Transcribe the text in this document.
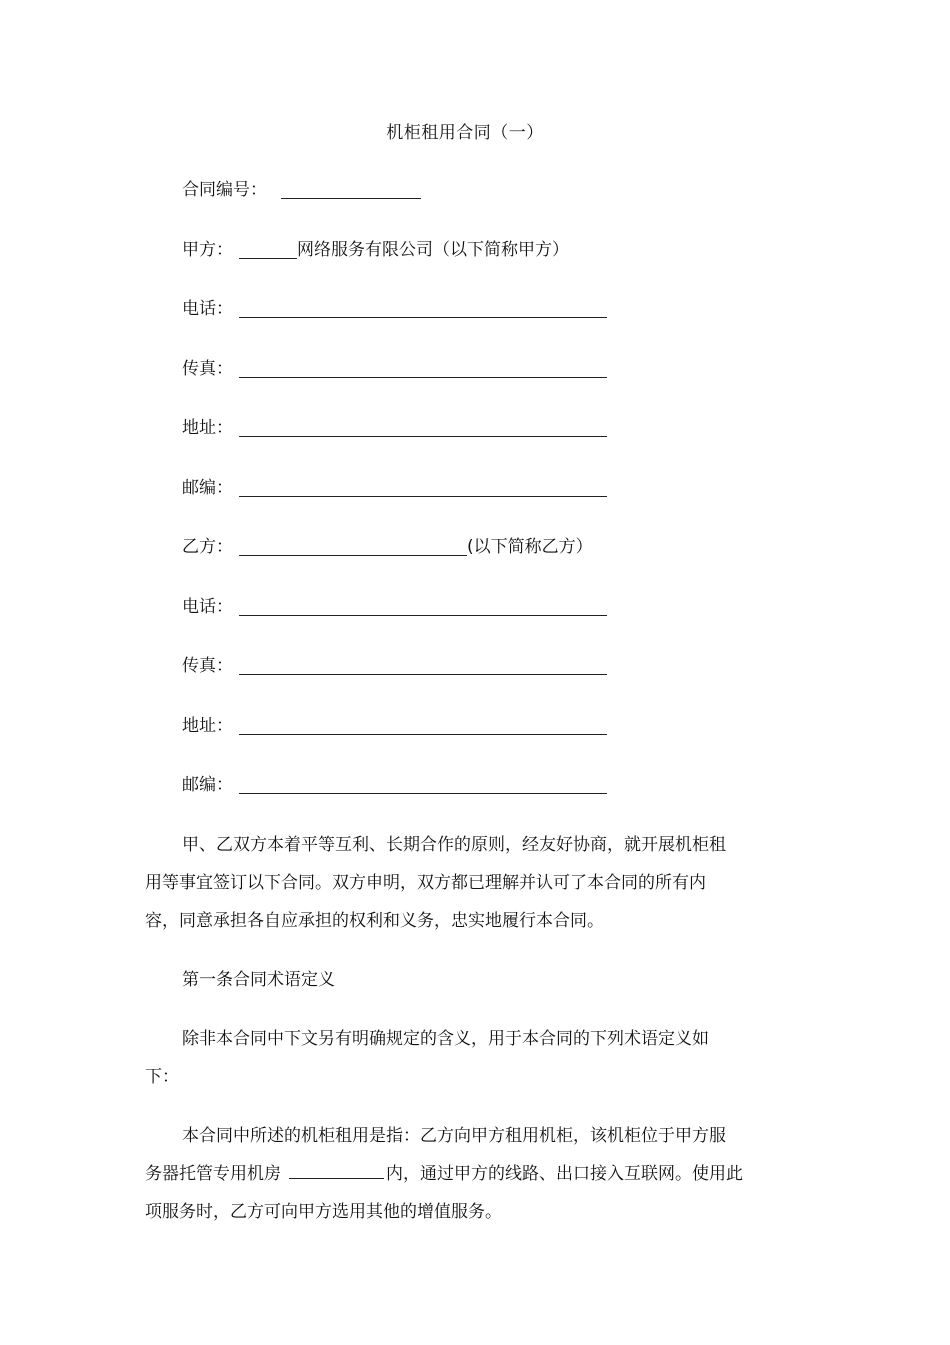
机柜租用合同（一）
合同编号：
甲方：	网络服务有限公司（以下简称甲方）
电话：
传真：
地址：
邮编：
乙方：	(以下简称乙方）
电话：
传真：
地址：
邮编：
甲、乙双方本着平等互利、长期合作的原则，经友好协商，就开展机柜租
用等事宜签订以下合同。双方申明，双方都已理解并认可了本合同的所有内
容，同意承担各自应承担的权利和义务，忠实地履行本合同。
第一条合同术语定义
除非本合同中下文另有明确规定的含义，用于本合同的下列术语定义如
下：
本合同中所述的机柜租用是指：乙方向甲方租用机柜，该机柜位于甲方服
务器托管专用机房	内，通过甲方的线路、出口接入互联网。使用此
项服务时，乙方可向甲方选用其他的增值服务。
